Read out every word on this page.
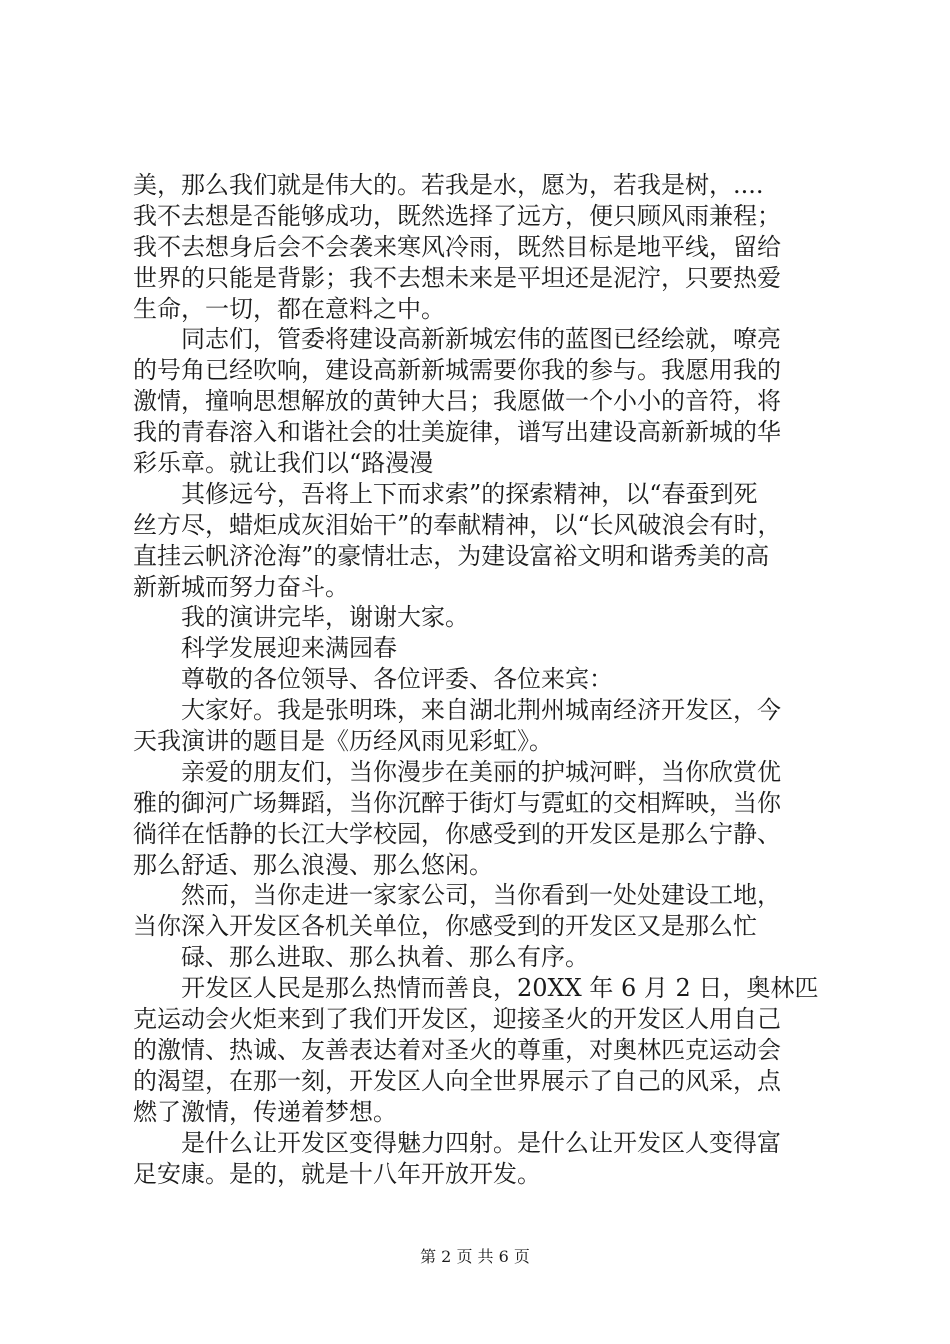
美，那么我们就是伟大的。若我是水，愿为，若我是树，....
我不去想是否能够成功，既然选择了远方，便只顾风雨兼程；
我不去想身后会不会袭来寒风冷雨，既然目标是地平线，留给
世界的只能是背影；我不去想未来是平坦还是泥泞，只要热爱
生命，一切，都在意料之中。
同志们，管委将建设高新新城宏伟的蓝图已经绘就，嘹亮
的号角已经吹响，建设高新新城需要你我的参与。我愿用我的
激情，撞响思想解放的黄钟大吕；我愿做一个小小的音符，将
我的青春溶入和谐社会的壮美旋律，谱写出建设高新新城的华
彩乐章。就让我们以“路漫漫
其修远兮，吾将上下而求索”的探索精神，以“春蚕到死
丝方尽，蜡炬成灰泪始干”的奉献精神，以“长风破浪会有时，
直挂云帆济沧海”的豪情壮志，为建设富裕文明和谐秀美的高
新新城而努力奋斗。
我的演讲完毕，谢谢大家。
科学发展迎来满园春
尊敬的各位领导、各位评委、各位来宾：
大家好。我是张明珠，来自湖北荆州城南经济开发区，今
天我演讲的题目是《历经风雨见彩虹》。
亲爱的朋友们，当你漫步在美丽的护城河畔，当你欣赏优
雅的御河广场舞蹈，当你沉醉于街灯与霓虹的交相辉映，当你
徜徉在恬静的长江大学校园，你感受到的开发区是那么宁静、
那么舒适、那么浪漫、那么悠闲。
然而，当你走进一家家公司，当你看到一处处建设工地，
当你深入开发区各机关单位，你感受到的开发区又是那么忙
碌、那么进取、那么执着、那么有序。
开发区人民是那么热情而善良，20XX 年 6 月 2 日，奥林匹
克运动会火炬来到了我们开发区，迎接圣火的开发区人用自己
的激情、热诚、友善表达着对圣火的尊重，对奥林匹克运动会
的渴望，在那一刻，开发区人向全世界展示了自己的风采，点
燃了激情，传递着梦想。
是什么让开发区变得魅力四射。是什么让开发区人变得富
足安康。是的，就是十八年开放开发。
第 2 页 共 6 页
